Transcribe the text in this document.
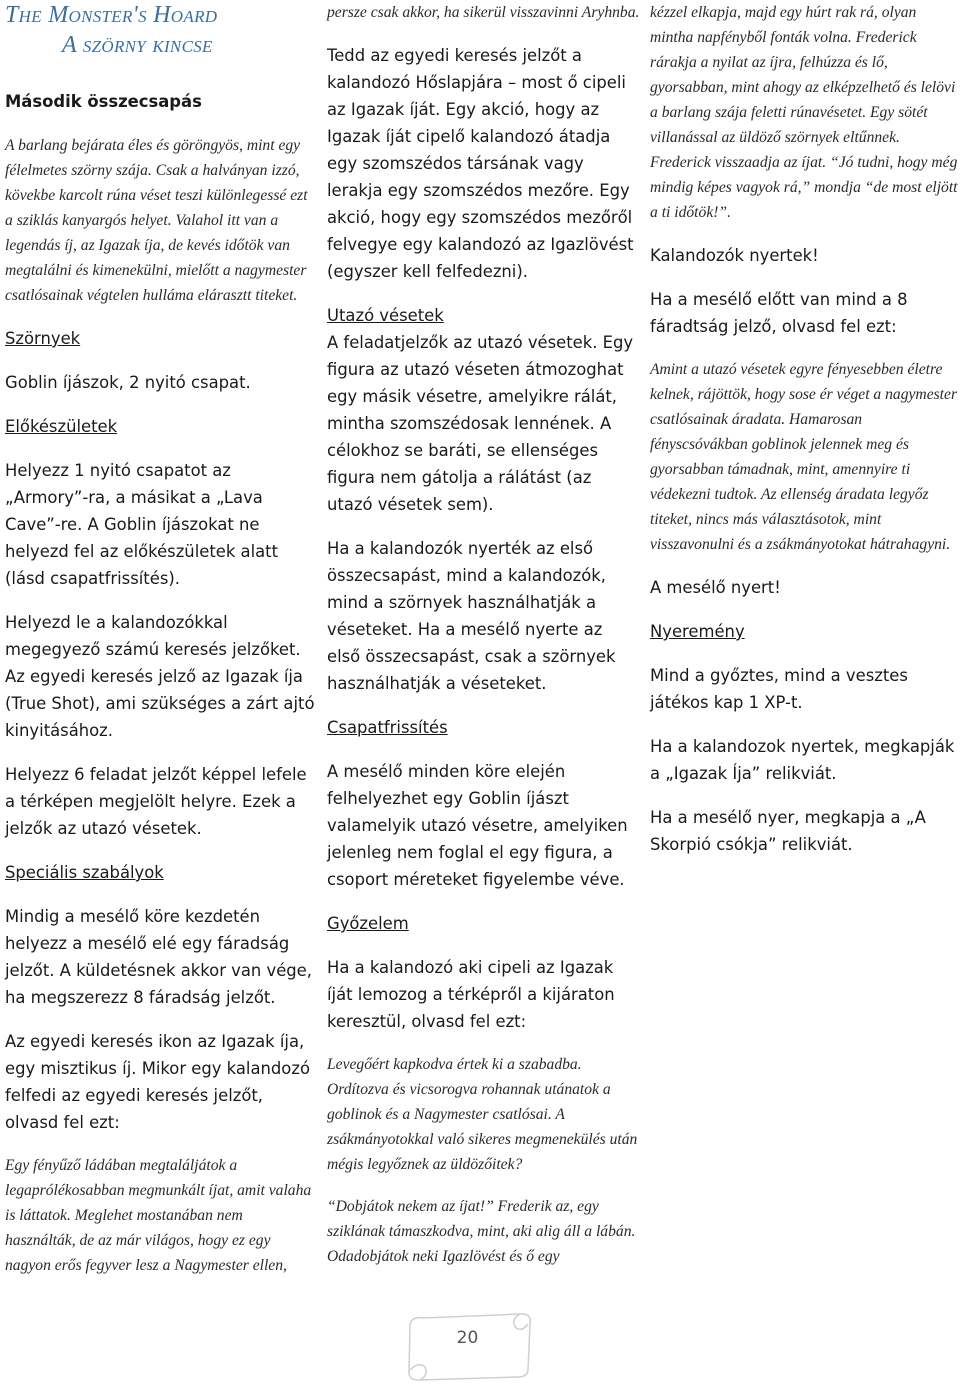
The Monster's Hoard
A szörny kincse

Második összecsapás

A barlang bejárata éles és göröngyös, mint egy félelmetes szörny szája. Csak a halványan izzó, kövekbe karcolt rúna véset teszi különlegessé ezt a sziklás kanyargós helyet. Valahol itt van a legendás íj, az Igazak íja, de kevés időtök van megtalálni és kimenekülni, mielőtt a nagymester csatlósainak végtelen hulláma elárasztt titeket.

Szörnyek

Goblin íjászok, 2 nyitó csapat.

Előkészületek

Helyezz 1 nyitó csapatot az „Armory”-ra, a másikat a „Lava Cave”-re. A Goblin íjászokat ne helyezd fel az előkészületek alatt (lásd csapatfrissítés).

Helyezd le a kalandozókkal megegyező számú keresés jelzőket. Az egyedi keresés jelző az Igazak íja (True Shot), ami szükséges a zárt ajtó kinyitásához.

Helyezz 6 feladat jelzőt képpel lefele a térképen megjelölt helyre. Ezek a jelzők az utazó vésetek.

Speciális szabályok

Mindig a mesélő köre kezdetén helyezz a mesélő elé egy fáradság jelzőt. A küldetésnek akkor van vége, ha megszerezz 8 fáradság jelzőt.

Az egyedi keresés ikon az Igazak íja, egy misztikus íj. Mikor egy kalandozó felfedi az egyedi keresés jelzőt, olvasd fel ezt:

Egy fényűző ládában megtaláljátok a legaprólékosabban megmunkált íjat, amit valaha is láttatok. Meglehet mostanában nem használták, de az már világos, hogy ez egy nagyon erős fegyver lesz a Nagymester ellen,

persze csak akkor, ha sikerül visszavinni Aryhnba.

Tedd az egyedi keresés jelzőt a kalandozó Hőslapjára – most ő cipeli az Igazak íját. Egy akció, hogy az Igazak íját cipelő kalandozó átadja egy szomszédos társának vagy lerakja egy szomszédos mezőre. Egy akció, hogy egy szomszédos mezőről felvegye egy kalandozó az Igazlövést (egyszer kell felfedezni).

Utazó vésetek

A feladatjelzők az utazó vésetek. Egy figura az utazó véseten átmozoghat egy másik vésetre, amelyikre rálát, mintha szomszédosak lennének. A célokhoz se baráti, se ellenséges figura nem gátolja a rálátást (az utazó vésetek sem).

Ha a kalandozók nyerték az első összecsapást, mind a kalandozók, mind a szörnyek használhatják a véseteket. Ha a mesélő nyerte az első összecsapást, csak a szörnyek használhatják a véseteket.

Csapatfrissítés

A mesélő minden köre elején felhelyezhet egy Goblin íjászt valamelyik utazó vésetre, amelyiken jelenleg nem foglal el egy figura, a csoport méreteket figyelembe véve.

Győzelem

Ha a kalandozó aki cipeli az Igazak íját lemozog a térképről a kijáraton keresztül, olvasd fel ezt:

Levegőért kapkodva értek ki a szabadba. Ordítozva és vicsorogva rohannak utánatok a goblinok és a Nagymester csatlósai. A zsákmányotokkal való sikeres megmenekülés után mégis legyőznek az üldözőitek?

“Dobjátok nekem az íjat!” Frederik az, egy sziklának támaszkodva, mint, aki alig áll a lábán. Odadobjátok neki Igazlövést és ő egy

kézzel elkapja, majd egy húrt rak rá, olyan mintha napfényből fonták volna. Frederick rárakja a nyilat az íjra, felhúzza és lő, gyorsabban, mint ahogy az elképzelhető és lelövi a barlang szája feletti rúnavésetet. Egy sötét villanással az üldöző szörnyek eltűnnek. Frederick visszaadja az íjat. “Jó tudni, hogy még mindig képes vagyok rá,” mondja “de most eljött a ti időtök!”.

Kalandozók nyertek!

Ha a mesélő előtt van mind a 8 fáradtság jelző, olvasd fel ezt:

Amint a utazó vésetek egyre fényesebben életre kelnek, rájöttök, hogy sose ér véget a nagymester csatlósainak áradata. Hamarosan fényscsóvákban goblinok jelennek meg és gyorsabban támadnak, mint, amennyire ti védekezni tudtok. Az ellenség áradata legyőz titeket, nincs más választásotok, mint visszavonulni és a zsákmányotokat hátrahagyni.

A mesélő nyert!

Nyeremény

Mind a győztes, mind a vesztes játékos kap 1 XP-t.

Ha a kalandozok nyertek, megkapják a „Igazak Íja” relikviát.

Ha a mesélő nyer, megkapja a „A Skorpió csókja” relikviát.

20
